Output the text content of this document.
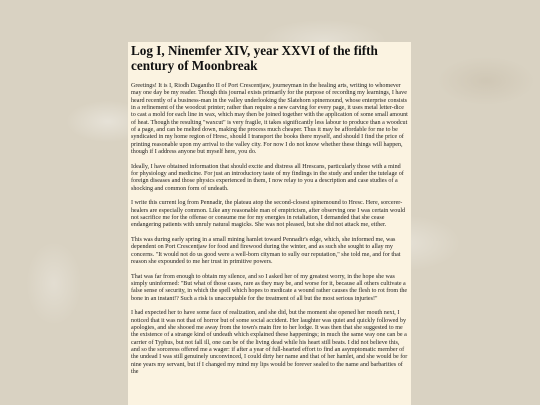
Log I, Ninemfer XIV, year XXVI of the fifth century of Moonbreak

Greetings! It is I, Riodh Daganiho II of Port Crescentjaw, journeyman in the healing arts, writing to whomever may one day be my reader. Though this journal exists primarily for the purpose of recording my learnings, I have heard recently of a business-man in the valley underlooking the Slatehorn spinemound, whose enterprise consists in a refinement of the woodcut printer; rather than require a new carving for every page, it uses metal letter-dice to cast a mold for each line in wax, which may then be joined together with the application of some small amount of heat. Though the resulting "waxcut" is very fragile, it takes significantly less labour to produce than a woodcut of a page, and can be melted down, making the process much cheaper. Thus it may be affordable for me to be syndicated in my home region of Hresc, should I transport the books there myself, and should I find the price of printing reasonable upon my arrival to the valley city. For now I do not know whether these things will happen, though if I address anyone but myself here, you do.

Ideally, I have obtained information that should excite and distress all Hrescans, particularly those with a mind for physiology and medicine. For just an introductory taste of my findings in the study and under the tutelage of foreign diseases and those physics experienced in them, I now relay to you a description and case studies of a shocking and common form of undeath.

I write this current log from Pennadir, the plateau atop the second-closest spinemound to Hresc. Here, sorcerer-healers are especially common. Like any reasonable man of empiricism, after observing one I was certain would not sacrifice me for the offense or consume me for my energies in retaliation, I demanded that she cease endangering patients with unruly natural magicks. She was not pleased, but she did not attack me, either.

This was during early spring in a small mining hamlet toward Pennadir's edge, which, she informed me, was dependent on Port Crescentjaw for food and firewood during the winter, and as such she sought to allay my concerns. "It would not do us good were a well-born cityman to sully our reputation," she told me, and for that reason she expounded to me her trust in primitive powers.

That was far from enough to obtain my silence, and so I asked her of my greatest worry, in the hope she was simply uninformed: "But what of those cases, rare as they may be, and worse for it, because all others cultivate a false sense of security, in which the spell which hopes to medicate a wound rather causes the flesh to rot from the bone in an instant!? Such a risk is unacceptable for the treatment of all but the most serious injuries!"

I had expected her to have some face of realization, and she did, but the moment she opened her mouth next, I noticed that it was not that of horror but of some social accident. Her laughter was quiet and quickly followed by apologies, and she shooed me away from the town's main fire to her lodge. It was then that she suggested to me the existence of a strange kind of undeath which explained these happenings; in much the same way one can be a carrier of Typhus, but not fall ill, one can be of the living dead while his heart still beats. I did not believe this, and so the sorceress offered me a wager: if after a year of full-hearted effort to find an asymptomatic member of the undead I was still genuinely unconvinced, I could dirty her name and that of her hamlet, and she would be for nine years my servant, but if I changed my mind my lips would be forever sealed to the name and barbarities of the
